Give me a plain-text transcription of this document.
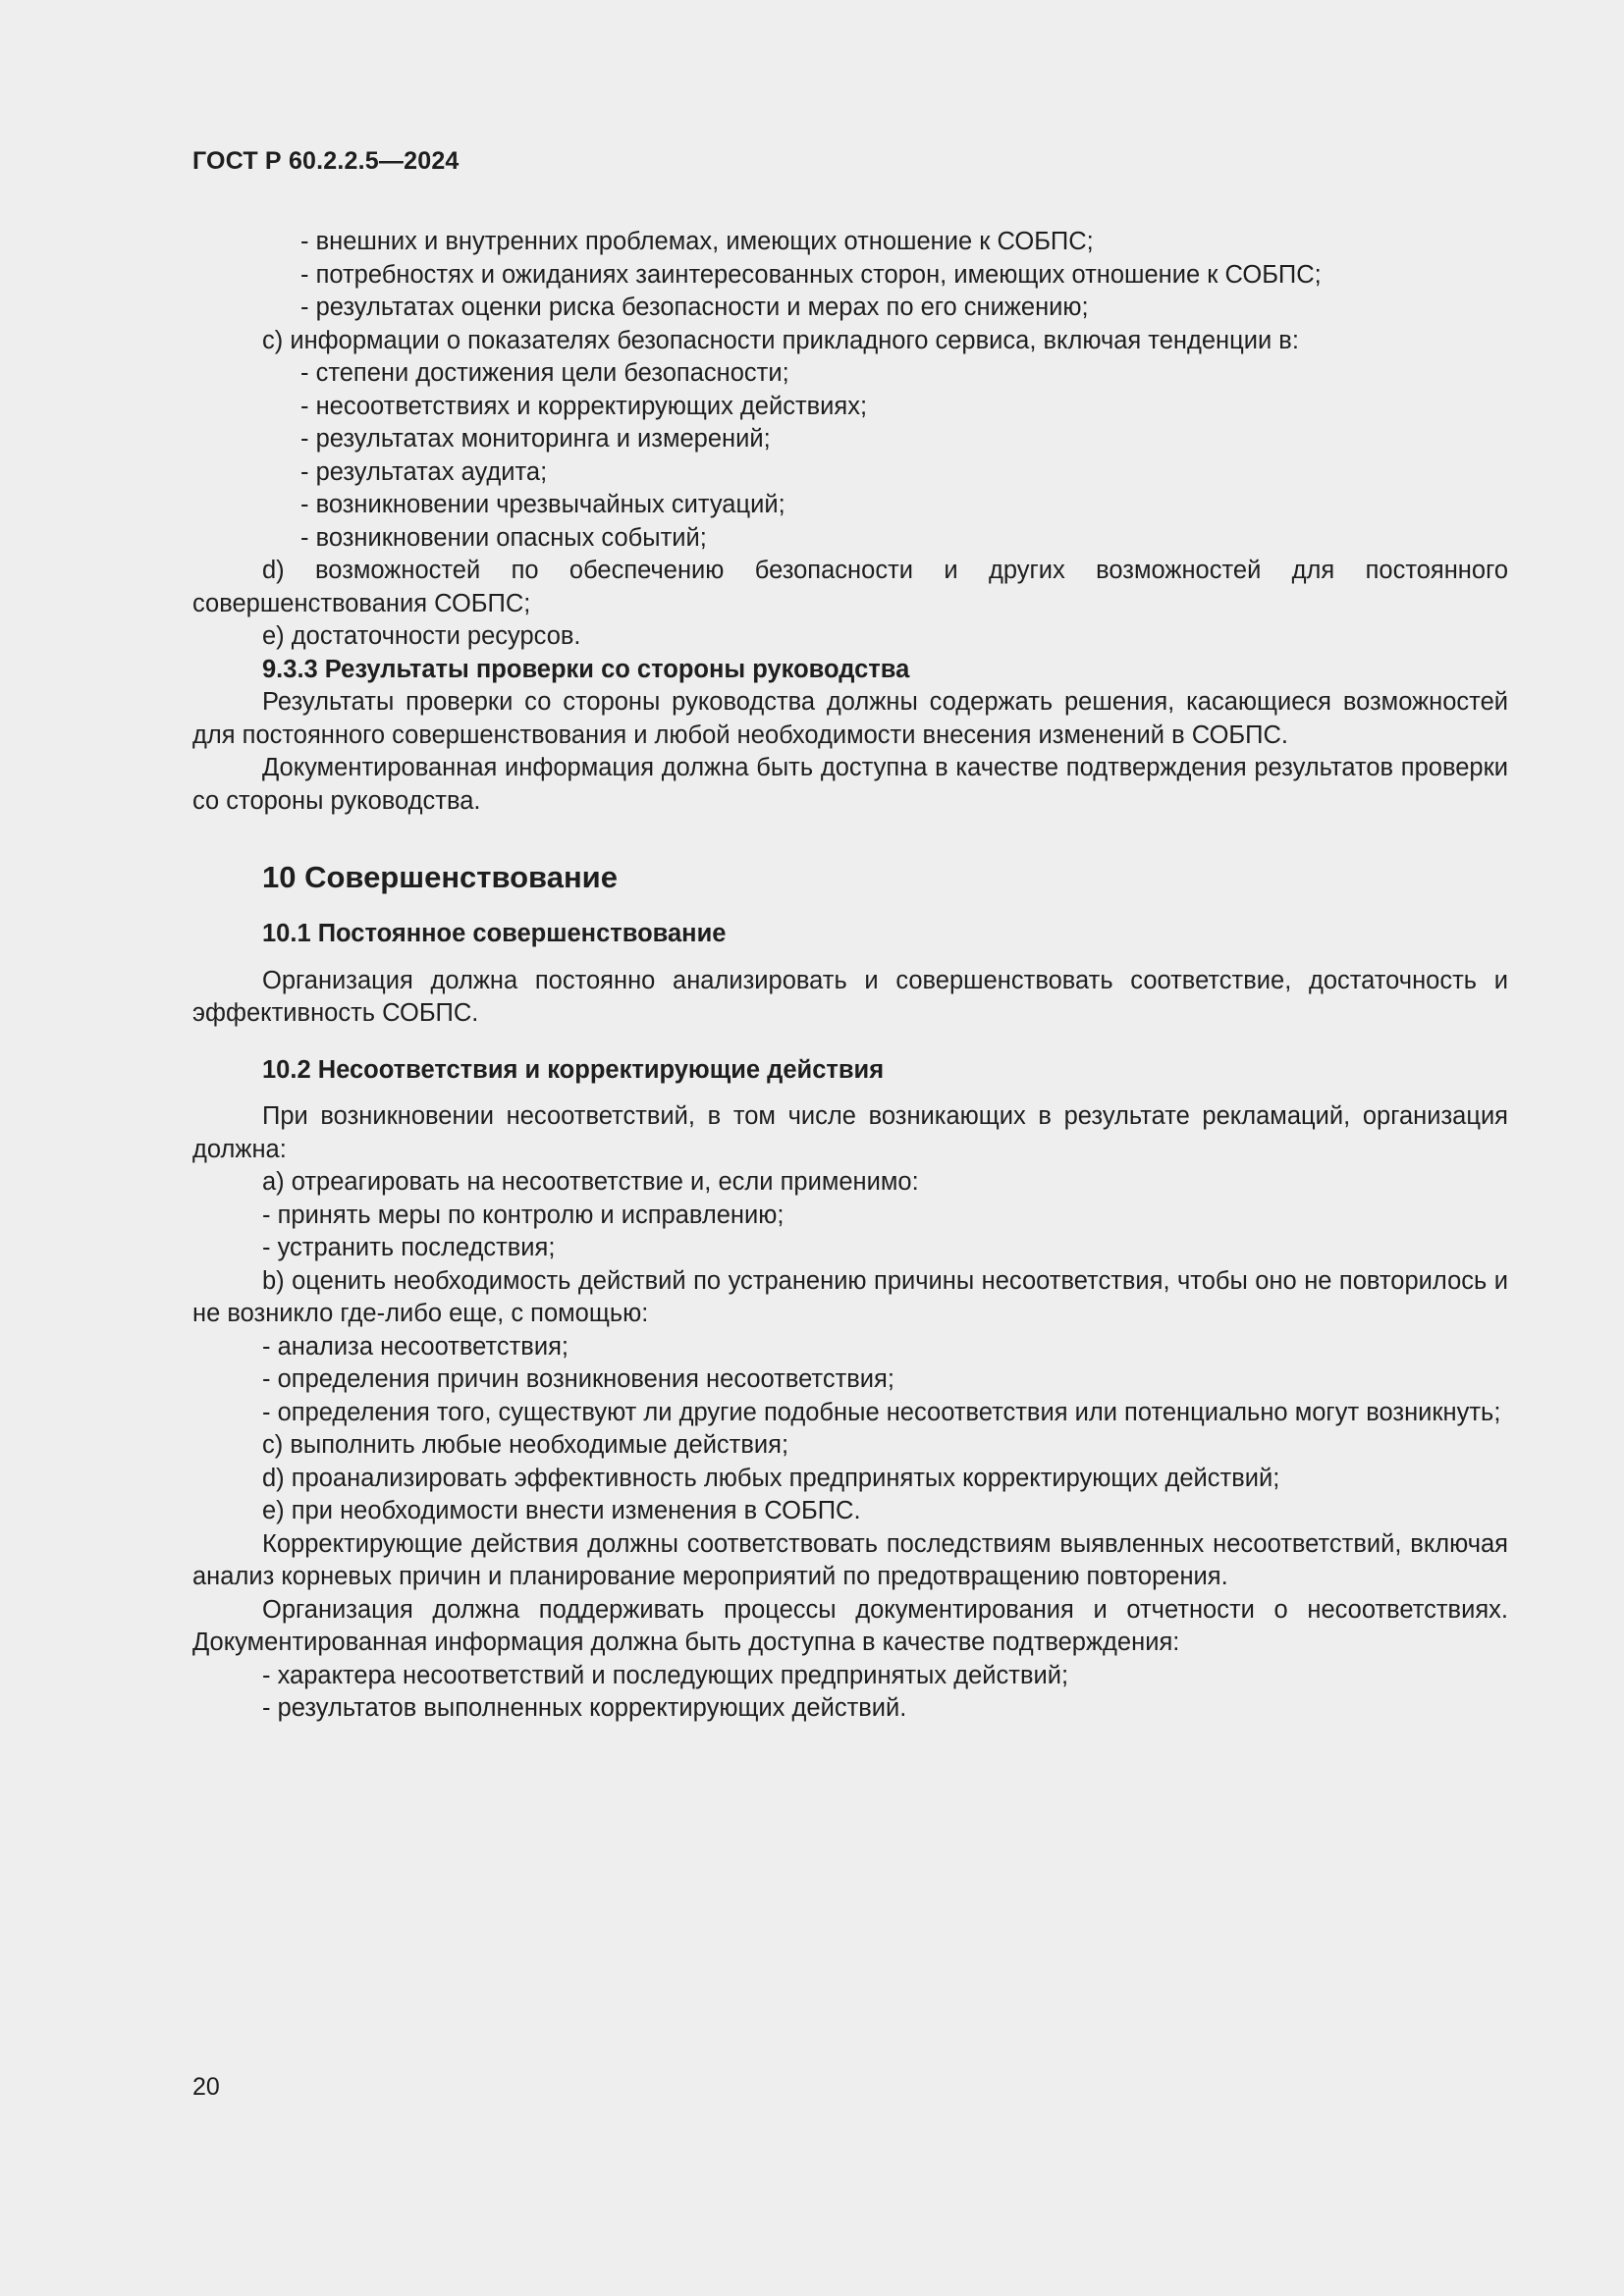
ГОСТ Р 60.2.2.5—2024

- внешних и внутренних проблемах, имеющих отношение к СОБПС;

- потребностях и ожиданиях заинтересованных сторон, имеющих отношение к СОБПС;

- результатах оценки риска безопасности и мерах по его снижению;

c) информации о показателях безопасности прикладного сервиса, включая тенденции в:

- степени достижения цели безопасности;

- несоответствиях и корректирующих действиях;

- результатах мониторинга и измерений;

- результатах аудита;

- возникновении чрезвычайных ситуаций;

- возникновении опасных событий;

d) возможностей по обеспечению безопасности и других возможностей для постоянного совершенствования СОБПС;

e) достаточности ресурсов.

9.3.3 Результаты проверки со стороны руководства

Результаты проверки со стороны руководства должны содержать решения, касающиеся возможностей для постоянного совершенствования и любой необходимости внесения изменений в СОБПС.

Документированная информация должна быть доступна в качестве подтверждения результатов проверки со стороны руководства.

10 Совершенствование

10.1 Постоянное совершенствование

Организация должна постоянно анализировать и совершенствовать соответствие, достаточность и эффективность СОБПС.

10.2 Несоответствия и корректирующие действия

При возникновении несоответствий, в том числе возникающих в результате рекламаций, организация должна:

a) отреагировать на несоответствие и, если применимо:

- принять меры по контролю и исправлению;

- устранить последствия;

b) оценить необходимость действий по устранению причины несоответствия, чтобы оно не повторилось и не возникло где-либо еще, с помощью:

- анализа несоответствия;

- определения причин возникновения несоответствия;

- определения того, существуют ли другие подобные несоответствия или потенциально могут возникнуть;

c) выполнить любые необходимые действия;

d) проанализировать эффективность любых предпринятых корректирующих действий;

e) при необходимости внести изменения в СОБПС.

Корректирующие действия должны соответствовать последствиям выявленных несоответствий, включая анализ корневых причин и планирование мероприятий по предотвращению повторения.

Организация должна поддерживать процессы документирования и отчетности о несоответствиях. Документированная информация должна быть доступна в качестве подтверждения:

- характера несоответствий и последующих предпринятых действий;

- результатов выполненных корректирующих действий.

20
